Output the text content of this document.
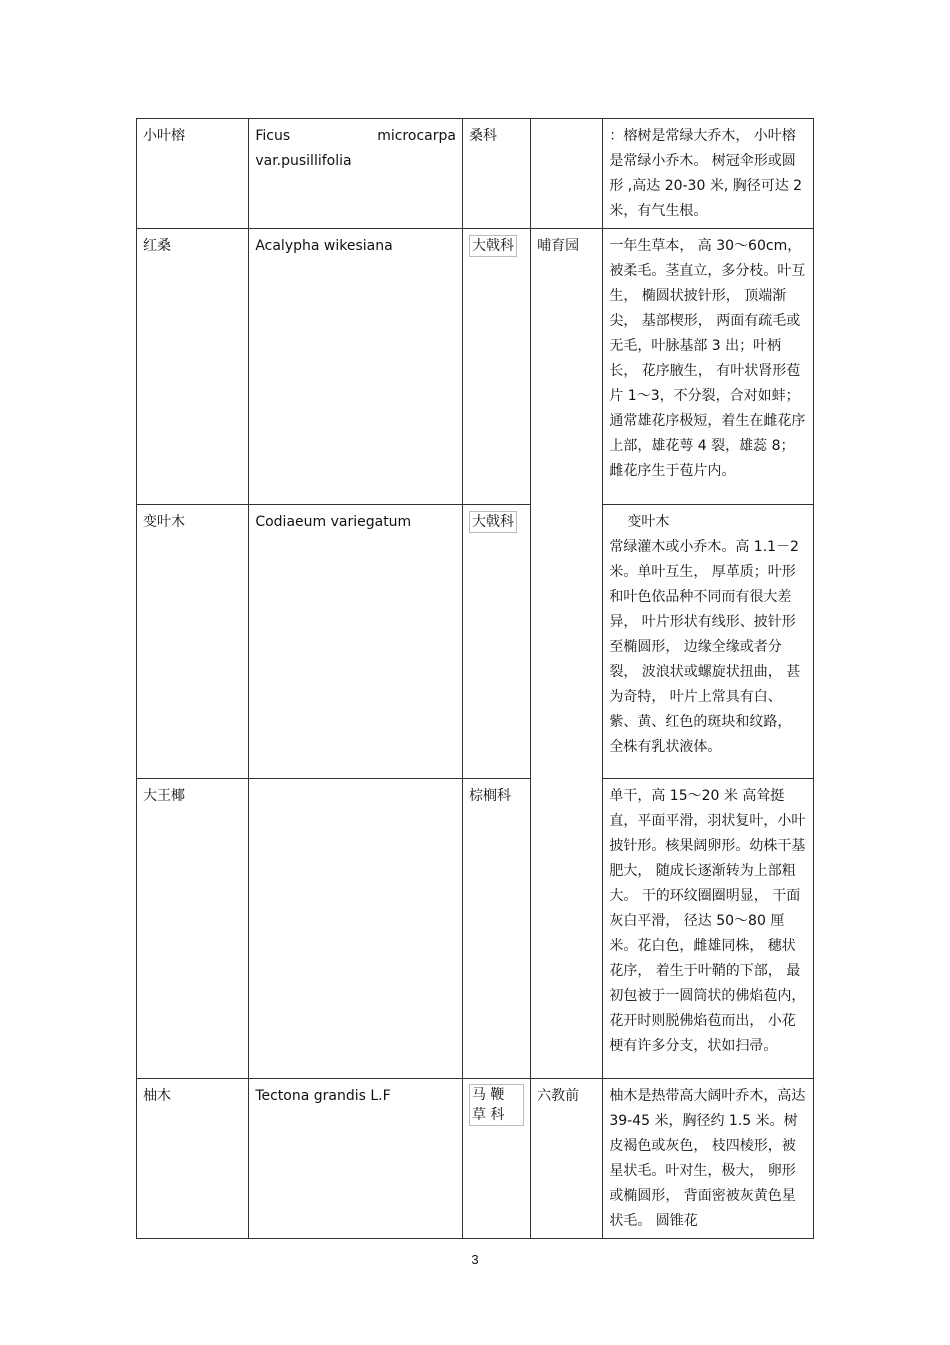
小叶榕	Ficus microcarpa var.pusillifolia	桑科		：榕树是常绿大乔木， 小叶榕是常绿小乔木。 树冠伞形或圆形 ,高达 20-30 米, 胸径可达 2 米，有气生根。
红桑	Acalypha wikesiana	大戟科	哺育园	一年生草本， 高 30～60cm，被柔毛。茎直立，多分枝。叶互生， 椭圆状披针形， 顶端渐尖， 基部楔形， 两面有疏毛或无毛，叶脉基部 3 出；叶柄长， 花序腋生， 有叶状肾形苞片 1～3，不分裂，合对如蚌； 通常雄花序极短，着生在雌花序上部，雄花萼 4 裂，雄蕊 8；雌花序生于苞片内。
变叶木	Codiaeum variegatum	大戟科		变叶木
常绿灌木或小乔木。高 1.1－2 米。单叶互生， 厚革质；叶形和叶色依品种不同而有很大差异， 叶片形状有线形、披针形至椭圆形， 边缘全缘或者分裂， 波浪状或螺旋状扭曲， 甚为奇特， 叶片上常具有白、 紫、黄、红色的斑块和纹路， 全株有乳状液体。

大王椰		棕榈科		单干，高 15～20 米 高耸挺直，平面平滑，羽状复叶，小叶披针形。核果阔卵形。幼株干基肥大， 随成长逐渐转为上部粗大。 干的环纹圈圈明显， 干面灰白平滑， 径达 50～80 厘米。花白色，雌雄同株， 穗状花序， 着生于叶鞘的下部， 最初包被于一圆筒状的佛焰苞内， 花开时则脱佛焰苞而出， 小花梗有许多分支，状如扫帚。
柚木	Tectona grandis L.F	马 鞭 草 科	六教前	柚木是热带高大阔叶乔木，高达 39-45 米，胸径约 1.5 米。树皮褐色或灰色， 枝四棱形，被星状毛。叶对生，极大， 卵形或椭圆形， 背面密被灰黄色星状毛。 圆锥花
3
